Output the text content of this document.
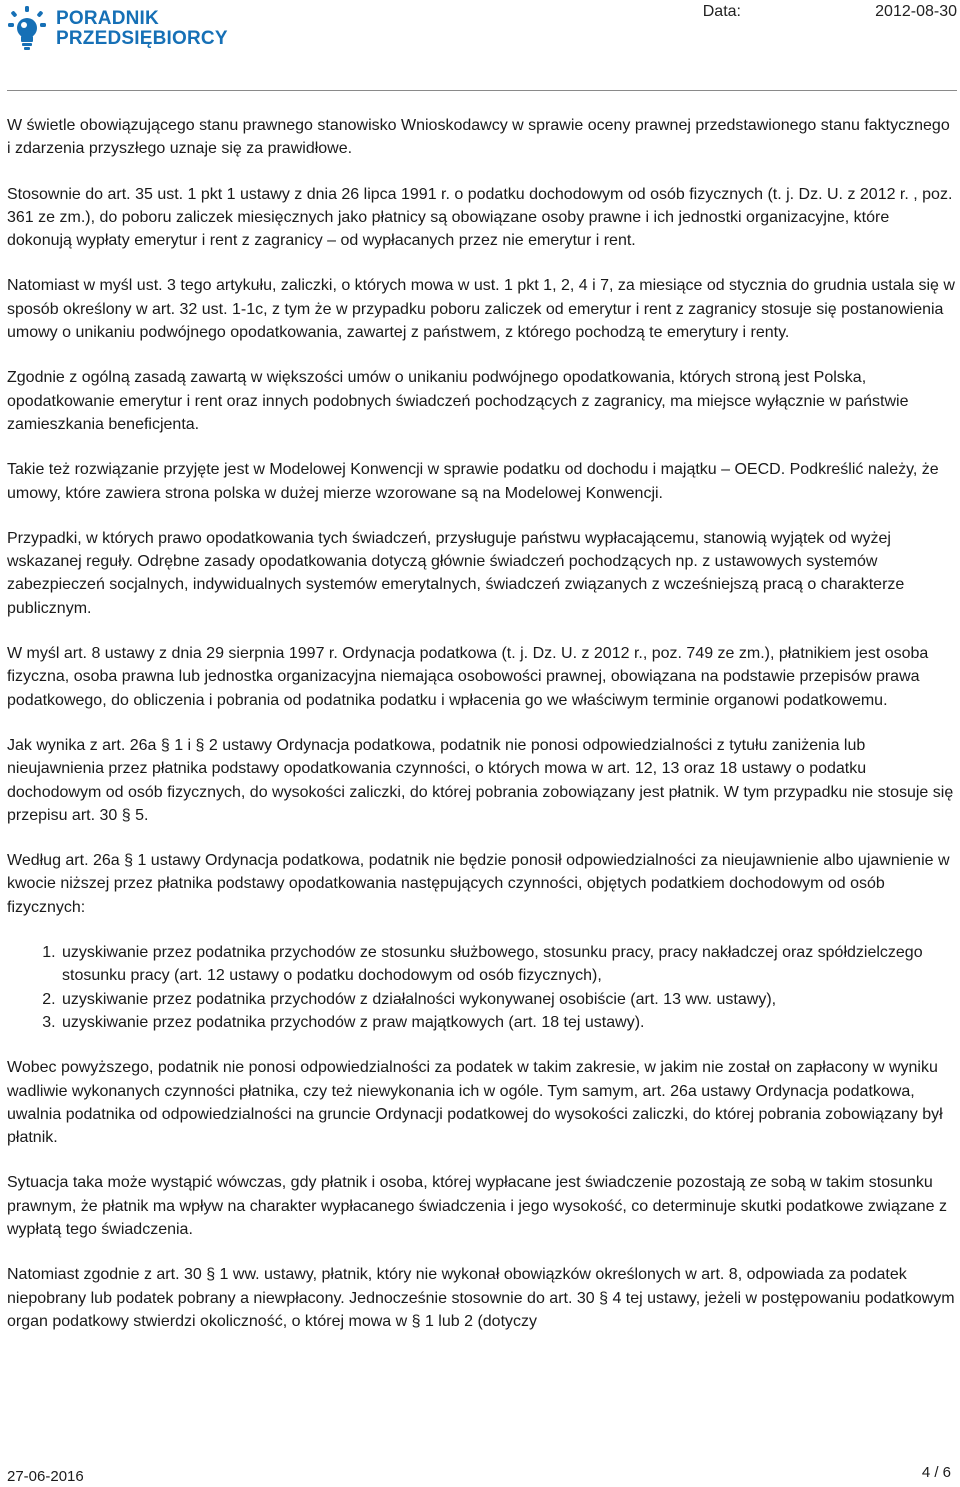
PORADNIK
PRZEDSIĘBIORCY
Data:	2012-08-30

W świetle obowiązującego stanu prawnego stanowisko Wnioskodawcy w sprawie oceny prawnej przedstawionego stanu faktycznego i zdarzenia przyszłego uznaje się za prawidłowe.

Stosownie do art. 35 ust. 1 pkt 1 ustawy z dnia 26 lipca 1991 r. o podatku dochodowym od osób fizycznych (t. j. Dz. U. z 2012 r. , poz. 361 ze zm.), do poboru zaliczek miesięcznych jako płatnicy są obowiązane osoby prawne i ich jednostki organizacyjne, które dokonują wypłaty emerytur i rent z zagranicy – od wypłacanych przez nie emerytur i rent.

Natomiast w myśl ust. 3 tego artykułu, zaliczki, o których mowa w ust. 1 pkt 1, 2, 4 i 7, za miesiące od stycznia do grudnia ustala się w sposób określony w art. 32 ust. 1-1c, z tym że w przypadku poboru zaliczek od emerytur i rent z zagranicy stosuje się postanowienia umowy o unikaniu podwójnego opodatkowania, zawartej z państwem, z którego pochodzą te emerytury i renty.

Zgodnie z ogólną zasadą zawartą w większości umów o unikaniu podwójnego opodatkowania, których stroną jest Polska, opodatkowanie emerytur i rent oraz innych podobnych świadczeń pochodzących z zagranicy, ma miejsce wyłącznie w państwie zamieszkania beneficjenta.

Takie też rozwiązanie przyjęte jest w Modelowej Konwencji w sprawie podatku od dochodu i majątku – OECD. Podkreślić należy, że umowy, które zawiera strona polska w dużej mierze wzorowane są na Modelowej Konwencji.

Przypadki, w których prawo opodatkowania tych świadczeń, przysługuje państwu wypłacającemu, stanowią wyjątek od wyżej wskazanej reguły. Odrębne zasady opodatkowania dotyczą głównie świadczeń pochodzących np. z ustawowych systemów zabezpieczeń socjalnych, indywidualnych systemów emerytalnych, świadczeń związanych z wcześniejszą pracą o charakterze publicznym.

W myśl art. 8 ustawy z dnia 29 sierpnia 1997 r. Ordynacja podatkowa (t. j. Dz. U. z 2012 r., poz. 749 ze zm.), płatnikiem jest osoba fizyczna, osoba prawna lub jednostka organizacyjna niemająca osobowości prawnej, obowiązana na podstawie przepisów prawa podatkowego, do obliczenia i pobrania od podatnika podatku i wpłacenia go we właściwym terminie organowi podatkowemu.

Jak wynika z art. 26a § 1 i § 2 ustawy Ordynacja podatkowa, podatnik nie ponosi odpowiedzialności z tytułu zaniżenia lub nieujawnienia przez płatnika podstawy opodatkowania czynności, o których mowa w art. 12, 13 oraz 18 ustawy o podatku dochodowym od osób fizycznych, do wysokości zaliczki, do której pobrania zobowiązany jest płatnik. W tym przypadku nie stosuje się przepisu art. 30 § 5.

Według art. 26a § 1 ustawy Ordynacja podatkowa, podatnik nie będzie ponosił odpowiedzialności za nieujawnienie albo ujawnienie w kwocie niższej przez płatnika podstawy opodatkowania następujących czynności, objętych podatkiem dochodowym od osób fizycznych:

1. uzyskiwanie przez podatnika przychodów ze stosunku służbowego, stosunku pracy, pracy nakładczej oraz spółdzielczego stosunku pracy (art. 12 ustawy o podatku dochodowym od osób fizycznych),
2. uzyskiwanie przez podatnika przychodów z działalności wykonywanej osobiście (art. 13 ww. ustawy),
3. uzyskiwanie przez podatnika przychodów z praw majątkowych (art. 18 tej ustawy).

Wobec powyższego, podatnik nie ponosi odpowiedzialności za podatek w takim zakresie, w jakim nie został on zapłacony w wyniku wadliwie wykonanych czynności płatnika, czy też niewykonania ich w ogóle. Tym samym, art. 26a ustawy Ordynacja podatkowa, uwalnia podatnika od odpowiedzialności na gruncie Ordynacji podatkowej do wysokości zaliczki, do której pobrania zobowiązany był płatnik.

Sytuacja taka może wystąpić wówczas, gdy płatnik i osoba, której wypłacane jest świadczenie pozostają ze sobą w takim stosunku prawnym, że płatnik ma wpływ na charakter wypłacanego świadczenia i jego wysokość, co determinuje skutki podatkowe związane z wypłatą tego świadczenia.

Natomiast zgodnie z art. 30 § 1 ww. ustawy, płatnik, który nie wykonał obowiązków określonych w art. 8, odpowiada za podatek niepobrany lub podatek pobrany a niewpłacony. Jednocześnie stosownie do art. 30 § 4 tej ustawy, jeżeli w postępowaniu podatkowym organ podatkowy stwierdzi okoliczność, o której mowa w § 1 lub 2 (dotyczy

27-06-2016	4 / 6
